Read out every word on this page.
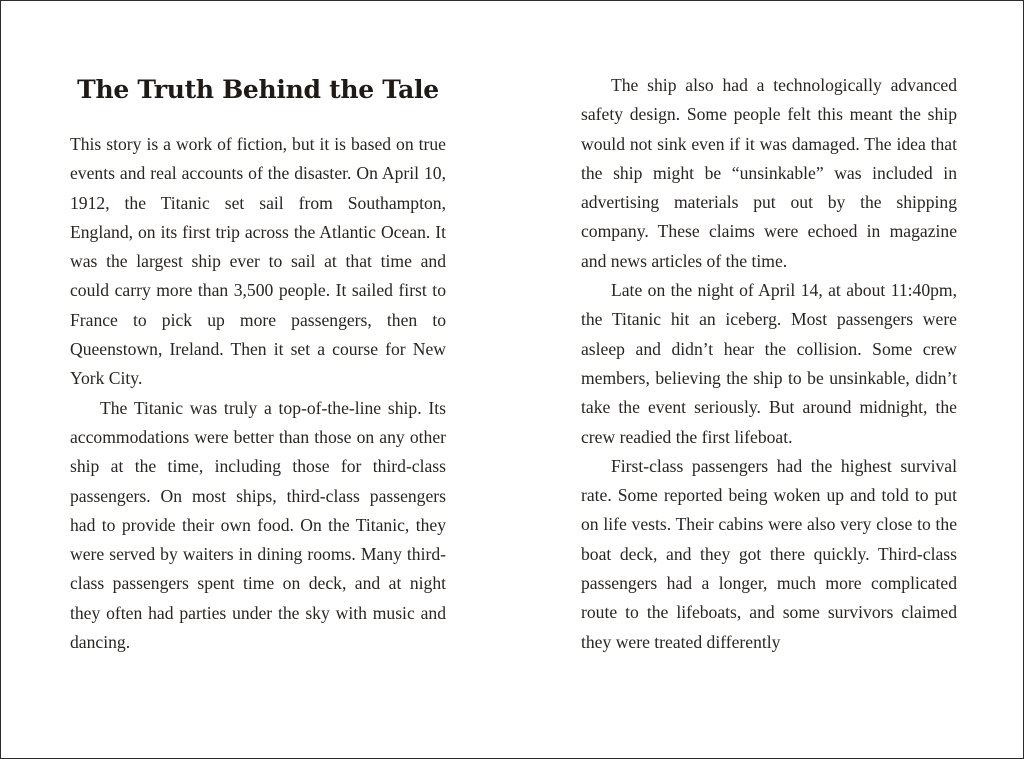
The Truth Behind the Tale

This story is a work of fiction, but it is based on true events and real accounts of the disaster. On April 10, 1912, the Titanic set sail from Southampton, England, on its first trip across the Atlantic Ocean. It was the largest ship ever to sail at that time and could carry more than 3,500 people. It sailed first to France to pick up more passengers, then to Queenstown, Ireland. Then it set a course for New York City.

The Titanic was truly a top-of-the-line ship. Its accommodations were better than those on any other ship at the time, including those for third-class passengers. On most ships, third-class passengers had to provide their own food. On the Titanic, they were served by waiters in dining rooms. Many third-class passengers spent time on deck, and at night they often had parties under the sky with music and dancing.

The ship also had a technologically advanced safety design. Some people felt this meant the ship would not sink even if it was damaged. The idea that the ship might be “unsinkable” was included in advertising materials put out by the shipping company. These claims were echoed in magazine and news articles of the time.

Late on the night of April 14, at about 11:40pm, the Titanic hit an iceberg. Most passengers were asleep and didn’t hear the collision. Some crew members, believing the ship to be unsinkable, didn’t take the event seriously. But around midnight, the crew readied the first lifeboat.

First-class passengers had the highest survival rate. Some reported being woken up and told to put on life vests. Their cabins were also very close to the boat deck, and they got there quickly. Third-class passengers had a longer, much more complicated route to the lifeboats, and some survivors claimed they were treated differently
